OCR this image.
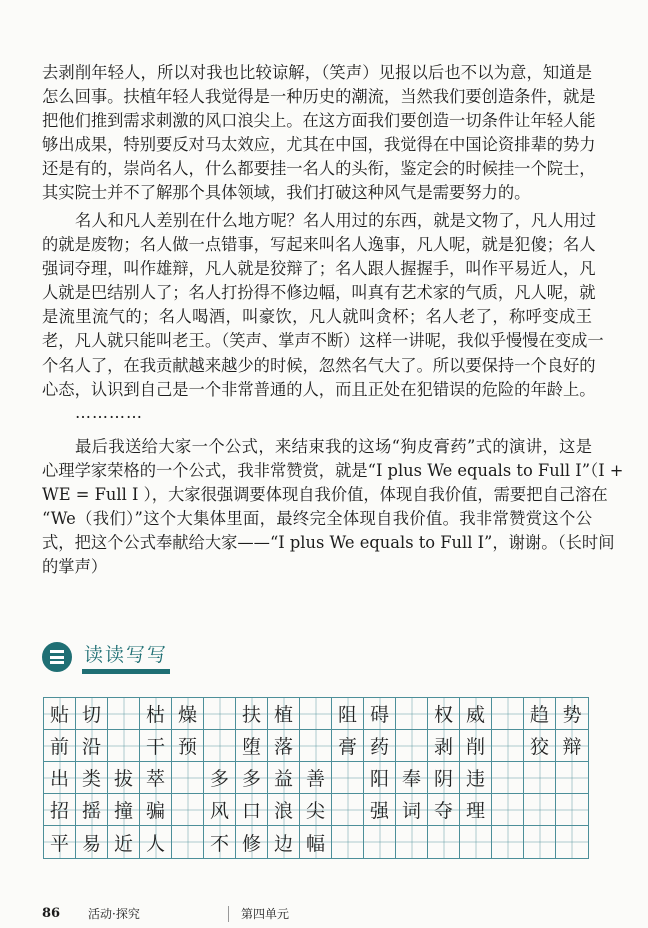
去剥削年轻人，所以对我也比较谅解，（笑声）见报以后也不以为意，知道是
怎么回事。扶植年轻人我觉得是一种历史的潮流，当然我们要创造条件，就是
把他们推到需求刺激的风口浪尖上。在这方面我们要创造一切条件让年轻人能
够出成果，特别要反对马太效应，尤其在中国，我觉得在中国论资排辈的势力
还是有的，崇尚名人，什么都要挂一名人的头衔，鉴定会的时候挂一个院士，
其实院士并不了解那个具体领域，我们打破这种风气是需要努力的。
名人和凡人差别在什么地方呢？名人用过的东西，就是文物了，凡人用过
的就是废物；名人做一点错事，写起来叫名人逸事，凡人呢，就是犯傻；名人
强词夺理，叫作雄辩，凡人就是狡辩了；名人跟人握握手，叫作平易近人，凡
人就是巴结别人了；名人打扮得不修边幅，叫真有艺术家的气质，凡人呢，就
是流里流气的；名人喝酒，叫豪饮，凡人就叫贪杯；名人老了，称呼变成王
老，凡人就只能叫老王。（笑声、掌声不断）这样一讲呢，我似乎慢慢在变成一
个名人了，在我贡献越来越少的时候，忽然名气大了。所以要保持一个良好的
心态，认识到自己是一个非常普通的人，而且正处在犯错误的危险的年龄上。
…………
最后我送给大家一个公式，来结束我的这场“狗皮膏药”式的演讲，这是
心理学家荣格的一个公式，我非常赞赏，就是“I plus We equals to Full I”（I +
WE = Full I ），大家很强调要体现自我价值，体现自我价值，需要把自己溶在
“We（我们）”这个大集体里面，最终完全体现自我价值。我非常赞赏这个公
式，把这个公式奉献给大家——“I plus We equals to Full I”，谢谢。（长时间
的掌声）
读读写写
贴 切 枯 燥 扶 植 阻 碍 权 威 趋 势
前 沿 干 预 堕 落 膏 药 剥 削 狡 辩
出 类 拔 萃 多 多 益 善 阳 奉 阴 违
招 摇 撞 骗 风 口 浪 尖 强 词 夺 理
平 易 近 人 不 修 边 幅
86	活动·探究	第四单元
